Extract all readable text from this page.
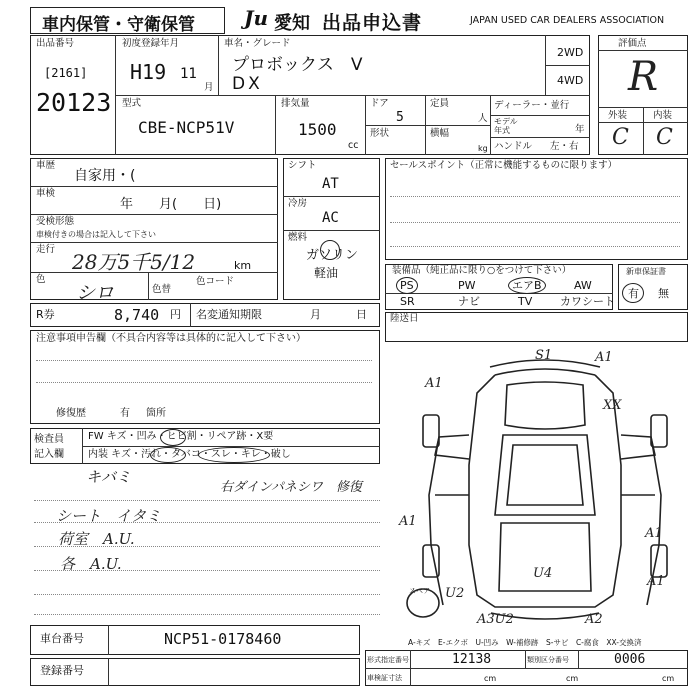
車内保管・守衛保管 Ju 愛知 出品申込書	JAPAN USED CAR DEALERS ASSOCIATION
出品番号
[2161]
20123
初度登録年月
H19 11
月
車名・グレード
プロボックス　V
DX
2WD
4WD
型式
CBE-NCP51V
排気量
1500
cc
ドア
5
定員
人
形状	横幅
kg
ディーラー・並行
モデル
年式	年
ハンドル 左・右
評価点
R
外装	内装
C C
車歴
自家用・(
車検
年　　月(　　日)
受検形態
車検付きの場合は記入して下さい
走行
28万5千5/12	km
色
シロ	色替
色コード
シフト
AT
冷房
AC
燃料
ガソリン
軽油
セールスポイント（正常に機能するものに限ります）
装備品（純正品に限り○をつけて下さい）
PS	PW	エアB	AW
SR	ナビ	TV	カワシート
新車保証書
有 無
陸送日
R券	8,740 円 名変通知期限	月	日
注意事項申告欄（不具合内容等は具体的に記入して下さい）
修復歴	有 箇所
検査員
記入欄
FW キズ・凹み・ヒビ割・リペア跡・X要
内装 キズ・汚れ・タバコ・スレ・キレ・破し
キバミ
右ダインパネシワ　修復
シート　イタミ
荷室　A.U.
各　A.U.
S1	A1
A1
XX
A1
A1
A1
U4
U2
A3U2	A2
スペア
A-キズ　E-エクボ　U-凹み　W-補修跡　S-サビ　C-腐食　XX-交換済
車台番号	NCP51-0178460
登録番号
形式指定番号	12138	類別区分番号	0006
車検証寸法	cm	cm	cm
